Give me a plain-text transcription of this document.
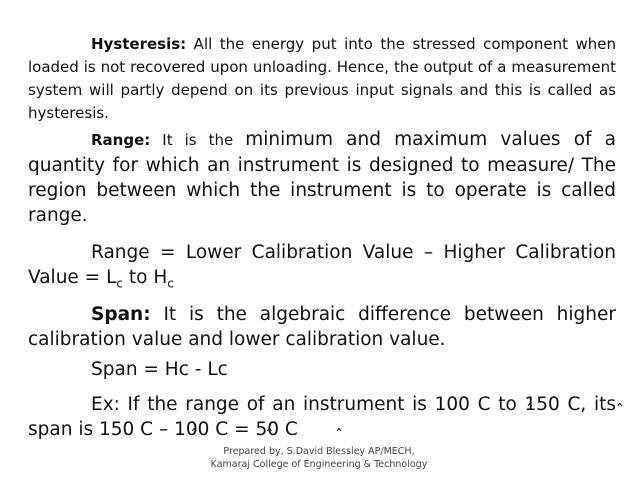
Hysteresis: All the energy put into the stressed component when loaded is not recovered upon unloading. Hence, the output of a measurement system will partly depend on its previous input signals and this is called as hysteresis.

Range: It is the minimum and maximum values of a quantity for which an instrument is designed to measure/ The region between which the instrument is to operate is called range.

Range = Lower Calibration Value – Higher Calibration Value = $L_c$ to $H_c$

Span: It is the algebraic difference between higher calibration value and lower calibration value.

Span = Hc - Lc

Ex: If the range of an instrument is 100 C to 150 C, its span is 150 C – 100 C = 50 C

Prepared by, S.David Blessley AP/MECH,
Kamaraj College of Engineering & Technology
